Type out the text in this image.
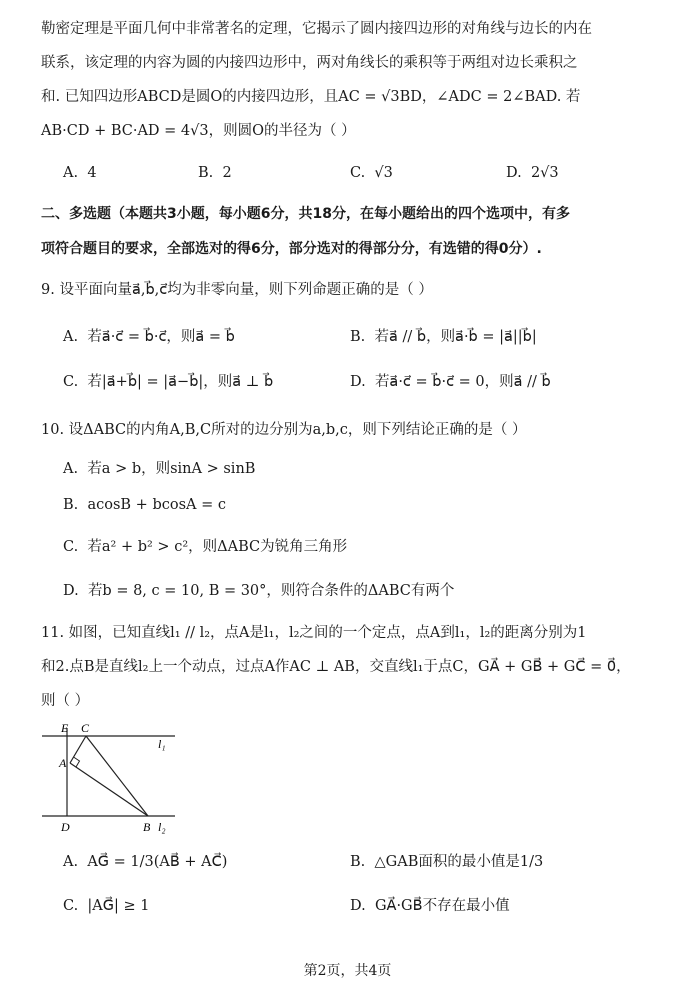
勒密定理是平面几何中非常著名的定理，它揭示了圆内接四边形的对角线与边长的内在
联系，该定理的内容为圆的内接四边形中，两对角线长的乘积等于两组对边长乘积之
和. 已知四边形ABCD是圆O的内接四边形，且AC = √3BD，∠ADC = 2∠BAD. 若
AB·CD + BC·AD = 4√3，则圆O的半径为（ ）
A. 4	B. 2	C. √3	D. 2√3
二、多选题（本题共3小题，每小题6分，共18分，在每小题给出的四个选项中，有多
项符合题目的要求，全部选对的得6分，部分选对的得部分分，有选错的得0分）.
9. 设平面向量a⃗,b⃗,c⃗均为非零向量，则下列命题正确的是（ ）
A. 若a⃗·c⃗ = b⃗·c⃗，则a⃗ = b⃗	B. 若a⃗ // b⃗，则a⃗·b⃗ = |a⃗||b⃗|
C. 若|a⃗+b⃗| = |a⃗−b⃗|，则a⃗ ⊥ b⃗	D. 若a⃗·c⃗ = b⃗·c⃗ = 0，则a⃗ // b⃗
10. 设ΔABC的内角A,B,C所对的边分别为a,b,c，则下列结论正确的是（ ）
A. 若a > b，则sinA > sinB
B. acosB + bcosA = c
C. 若a² + b² > c²，则ΔABC为锐角三角形
D. 若b = 8, c = 10, B = 30°，则符合条件的ΔABC有两个
11. 如图，已知直线l₁ // l₂，点A是l₁，l₂之间的一个定点，点A到l₁，l₂的距离分别为1
和2.点B是直线l₂上一个动点，过点A作AC ⊥ AB，交直线l₁于点C，GA⃗ + GB⃗ + GC⃗ = 0⃗，
则（ ）
E C
A
D	B
l₁
l₂
A. AG⃗ = 1/3(AB⃗ + AC⃗)	B. △GAB面积的最小值是1/3
C. |AG⃗| ≥ 1	D. GA⃗·GB⃗不存在最小值
第2页，共4页
